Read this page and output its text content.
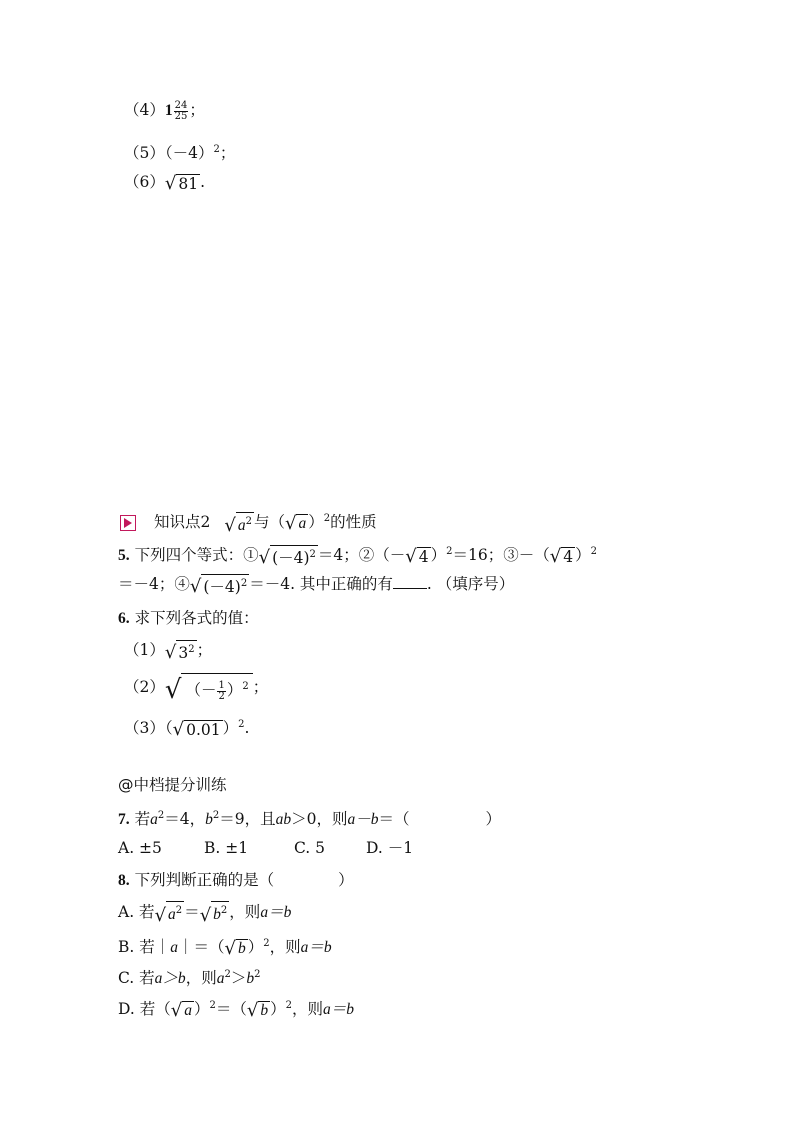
$(4)1 \frac{24}{25}$ ；
$(5)(-4)^2$；
（6） √ 81 .
知识点2 √ $a^2$ 与（ √ a ）$^2$的性质
5. 下列四个等式：① √ $(-4)^2 =4$；②（－ √ 4 ）$^2$＝16；③－（ √ 4 ）$^2$
＝－4；④ √ $(-4)^2 =-4$. 其中正确的有 . （填序号）
6. 求下列各式的值：
（1） √ $3^2$ ；
（2） √ （－ $\frac{1}{2} )^2$ ；
（3）（ √ 0.01 ）$^2$.
@中档提分训练
7. 若$a^2=4$，$b^2=9$，且ab＞0，则a－b＝（	）
A. ±5	B. ±1	C. 5	D. －1
8. 下列判断正确的是（	）
A. 若 √ $a^2$ ＝ √ $b^2$ ，则a＝b
B. 若｜a｜＝（ √ b ）$^2$，则a＝b
C. 若a＞b，则$a^2>b^2$
D. 若（ √ a ）$^2$＝（ √ b ）$^2$，则a＝b
